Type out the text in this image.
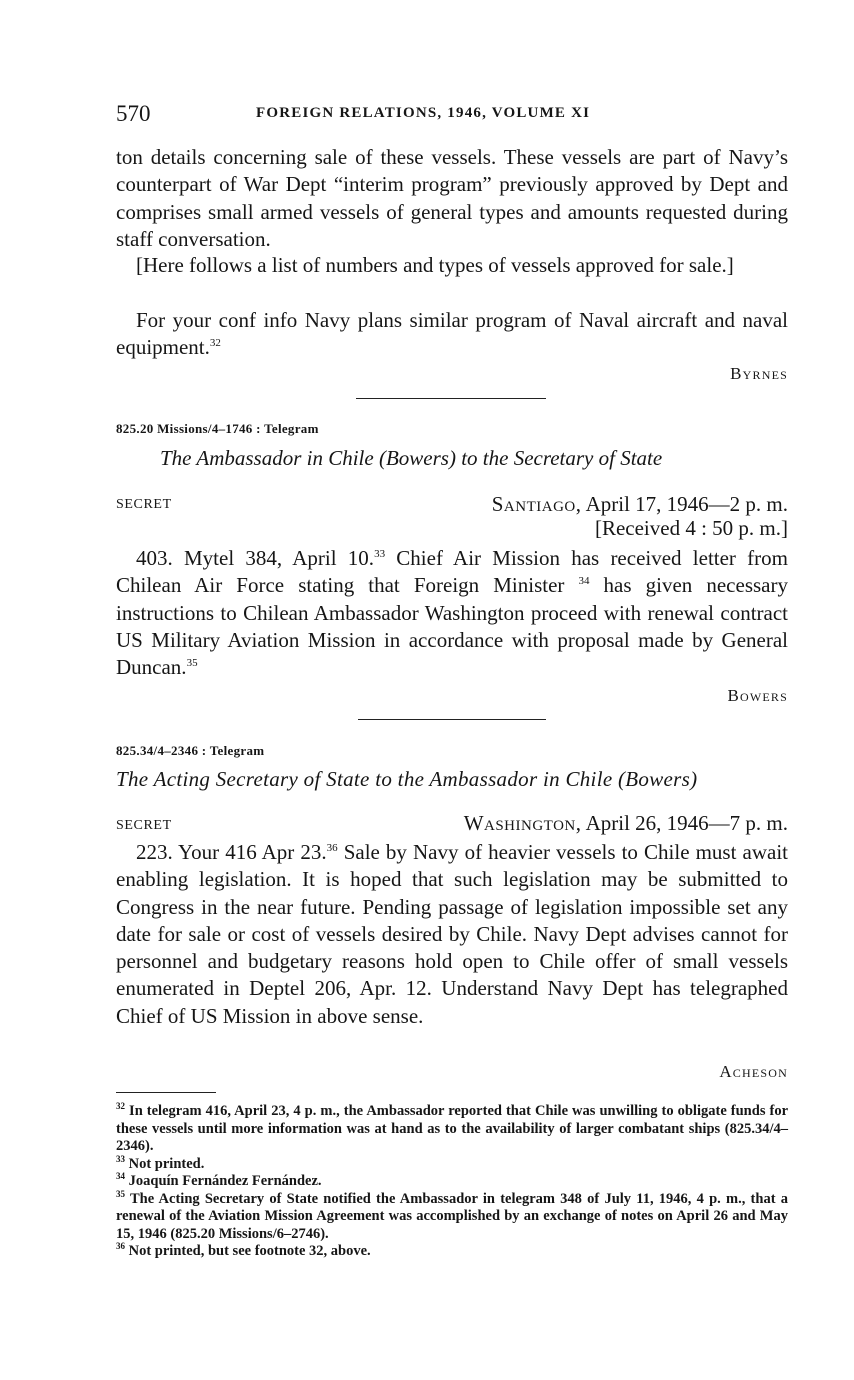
570	FOREIGN RELATIONS, 1946, VOLUME XI

ton details concerning sale of these vessels. These vessels are part of Navy’s counterpart of War Dept “interim program” previously approved by Dept and comprises small armed vessels of general types and amounts requested during staff conversation.

[Here follows a list of numbers and types of vessels approved for sale.]

For your conf info Navy plans similar program of Naval aircraft and naval equipment.$^{32}$

Byrnes
825.20 Missions/4–1746 : Telegram
The Ambassador in Chile (Bowers) to the Secretary of State
SECRET	Santiago, April 17, 1946—2 p. m.
[Received 4 : 50 p. m.]

403. Mytel 384, April 10.33 Chief Air Mission has received letter from Chilean Air Force stating that Foreign Minister $^{34}$ has given necessary instructions to Chilean Ambassador Washington proceed with renewal contract US Military Aviation Mission in accordance with proposal made by General Duncan.$^{35}$

Bowers
825.34/4–2346 : Telegram
The Acting Secretary of State to the Ambassador in Chile (Bowers)
SECRET	Washington, April 26, 1946—7 p. m.

223. Your 416 Apr 23.36 Sale by Navy of heavier vessels to Chile must await enabling legislation. It is hoped that such legislation may be submitted to Congress in the near future. Pending passage of legislation impossible set any date for sale or cost of vessels desired by Chile. Navy Dept advises cannot for personnel and budgetary reasons hold open to Chile offer of small vessels enumerated in Deptel 206, Apr. 12. Understand Navy Dept has telegraphed Chief of US Mission in above sense.

Acheson
$^{32}$ In telegram 416, April 23, 4 p. m., the Ambassador reported that Chile was unwilling to obligate funds for these vessels until more information was at hand as to the availability of larger combatant ships (825.34/4–2346).
$^{33}$ Not printed.
$^{34}$ Joaquín Fernández Fernández.
$^{35}$ The Acting Secretary of State notified the Ambassador in telegram 348 of July 11, 1946, 4 p. m., that a renewal of the Aviation Mission Agreement was accomplished by an exchange of notes on April 26 and May 15, 1946 (825.20 Missions/6–2746).
$^{36}$ Not printed, but see footnote 32, above.
